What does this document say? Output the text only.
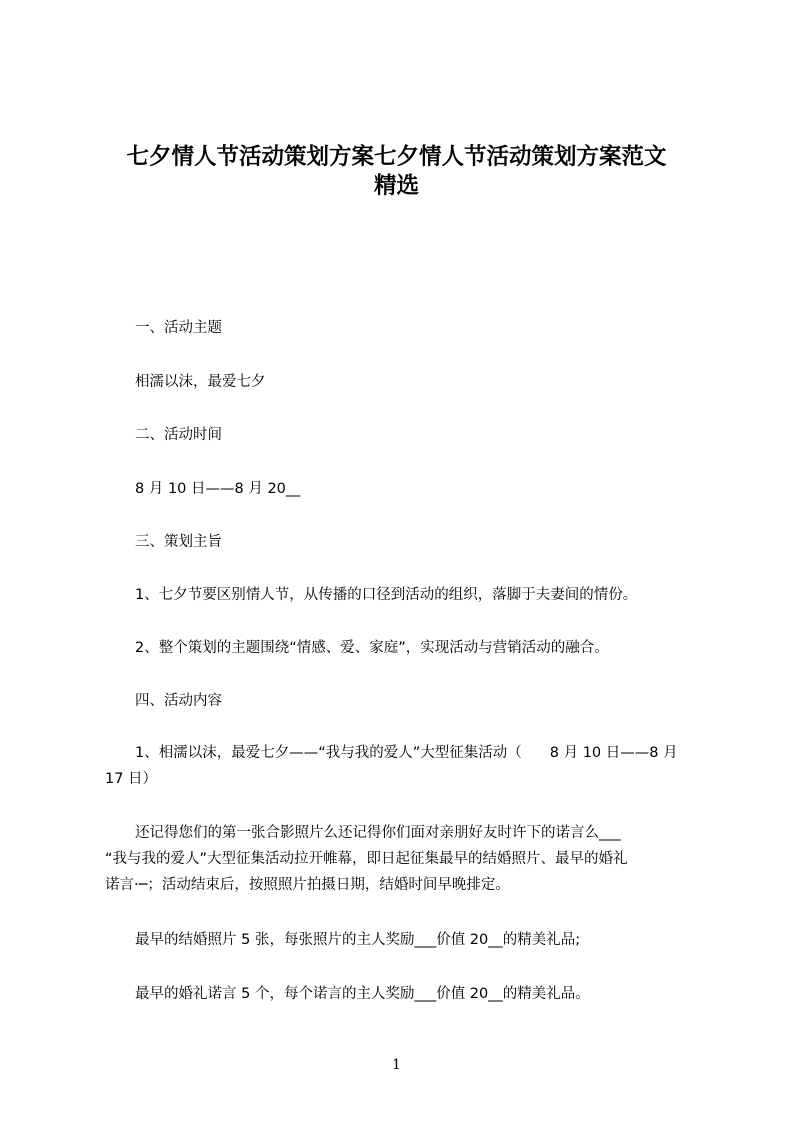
七夕情人节活动策划方案七夕情人节活动策划方案范文
精选

一、活动主题

相濡以沫，最爱七夕

二、活动时间

8 月 10 日——8 月 20__

三、策划主旨

1、七夕节要区别情人节，从传播的口径到活动的组织，落脚于夫妻间的情份。

2、整个策划的主题围绕“情感、爱、家庭”，实现活动与营销活动的融合。

四、活动内容

1、相濡以沫，最爱七夕——“我与我的爱人”大型征集活动（ 8 月 10 日——8 月
17 日）
还记得您们的第一张合影照片么还记得你们面对亲朋好友时许下的诺言么___
“我与我的爱人”大型征集活动拉开帷幕，即日起征集最早的结婚照片、最早的婚礼
诺言·─；活动结束后，按照照片拍摄日期，结婚时间早晚排定。

最早的结婚照片 5 张，每张照片的主人奖励___价值 20__的精美礼品;

最早的婚礼诺言 5 个，每个诺言的主人奖励___价值 20__的精美礼品。

1
